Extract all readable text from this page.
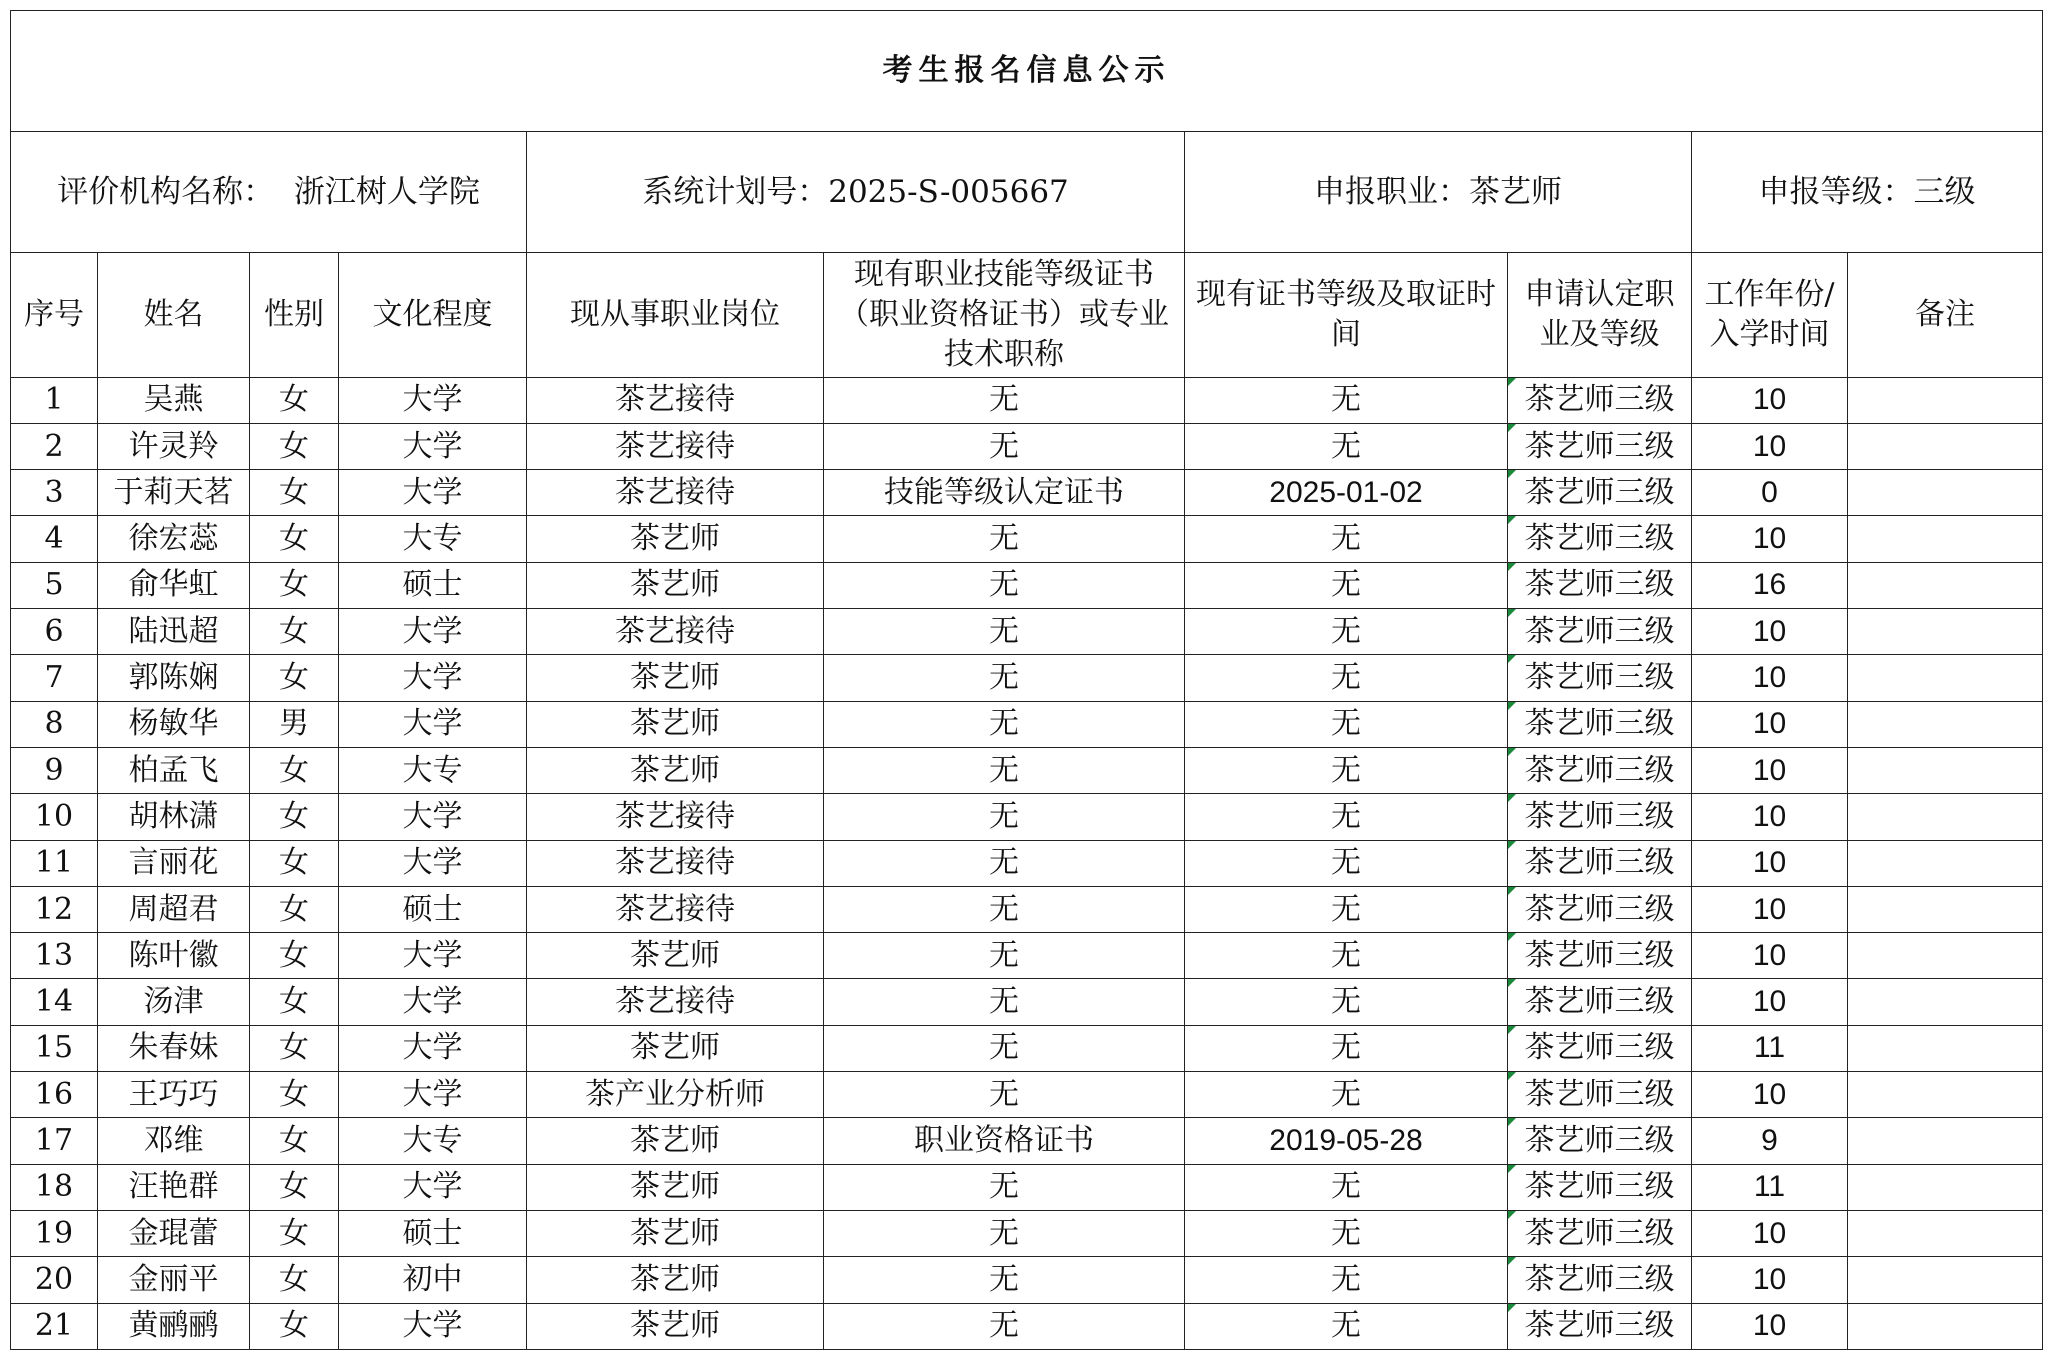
考生报名信息公示									
评价机构名称：  浙江树人学院				系统计划号：2025-S-005667		申报职业：茶艺师		申报等级：三级	
序号	姓名	性别	文化程度	现从事职业岗位	现有职业技能等级证书（职业资格证书）或专业技术职称	现有证书等级及取证时间	申请认定职业及等级	工作年份/入学时间	备注
1	吴燕	女	大学	茶艺接待	无	无	茶艺师三级	10	
2	许灵羚	女	大学	茶艺接待	无	无	茶艺师三级	10	
3	于莉天茗	女	大学	茶艺接待	技能等级认定证书	2025-01-02	茶艺师三级	0	
4	徐宏蕊	女	大专	茶艺师	无	无	茶艺师三级	10	
5	俞华虹	女	硕士	茶艺师	无	无	茶艺师三级	16	
6	陆迅超	女	大学	茶艺接待	无	无	茶艺师三级	10	
7	郭陈娴	女	大学	茶艺师	无	无	茶艺师三级	10	
8	杨敏华	男	大学	茶艺师	无	无	茶艺师三级	10	
9	柏孟飞	女	大专	茶艺师	无	无	茶艺师三级	10	
10	胡林潇	女	大学	茶艺接待	无	无	茶艺师三级	10	
11	言丽花	女	大学	茶艺接待	无	无	茶艺师三级	10	
12	周超君	女	硕士	茶艺接待	无	无	茶艺师三级	10	
13	陈叶徽	女	大学	茶艺师	无	无	茶艺师三级	10	
14	汤津	女	大学	茶艺接待	无	无	茶艺师三级	10	
15	朱春妹	女	大学	茶艺师	无	无	茶艺师三级	11	
16	王巧巧	女	大学	茶产业分析师	无	无	茶艺师三级	10	
17	邓维	女	大专	茶艺师	职业资格证书	2019-05-28	茶艺师三级	9	
18	汪艳群	女	大学	茶艺师	无	无	茶艺师三级	11	
19	金琨蕾	女	硕士	茶艺师	无	无	茶艺师三级	10	
20	金丽平	女	初中	茶艺师	无	无	茶艺师三级	10	
21	黄鹂鹂	女	大学	茶艺师	无	无	茶艺师三级	10	
